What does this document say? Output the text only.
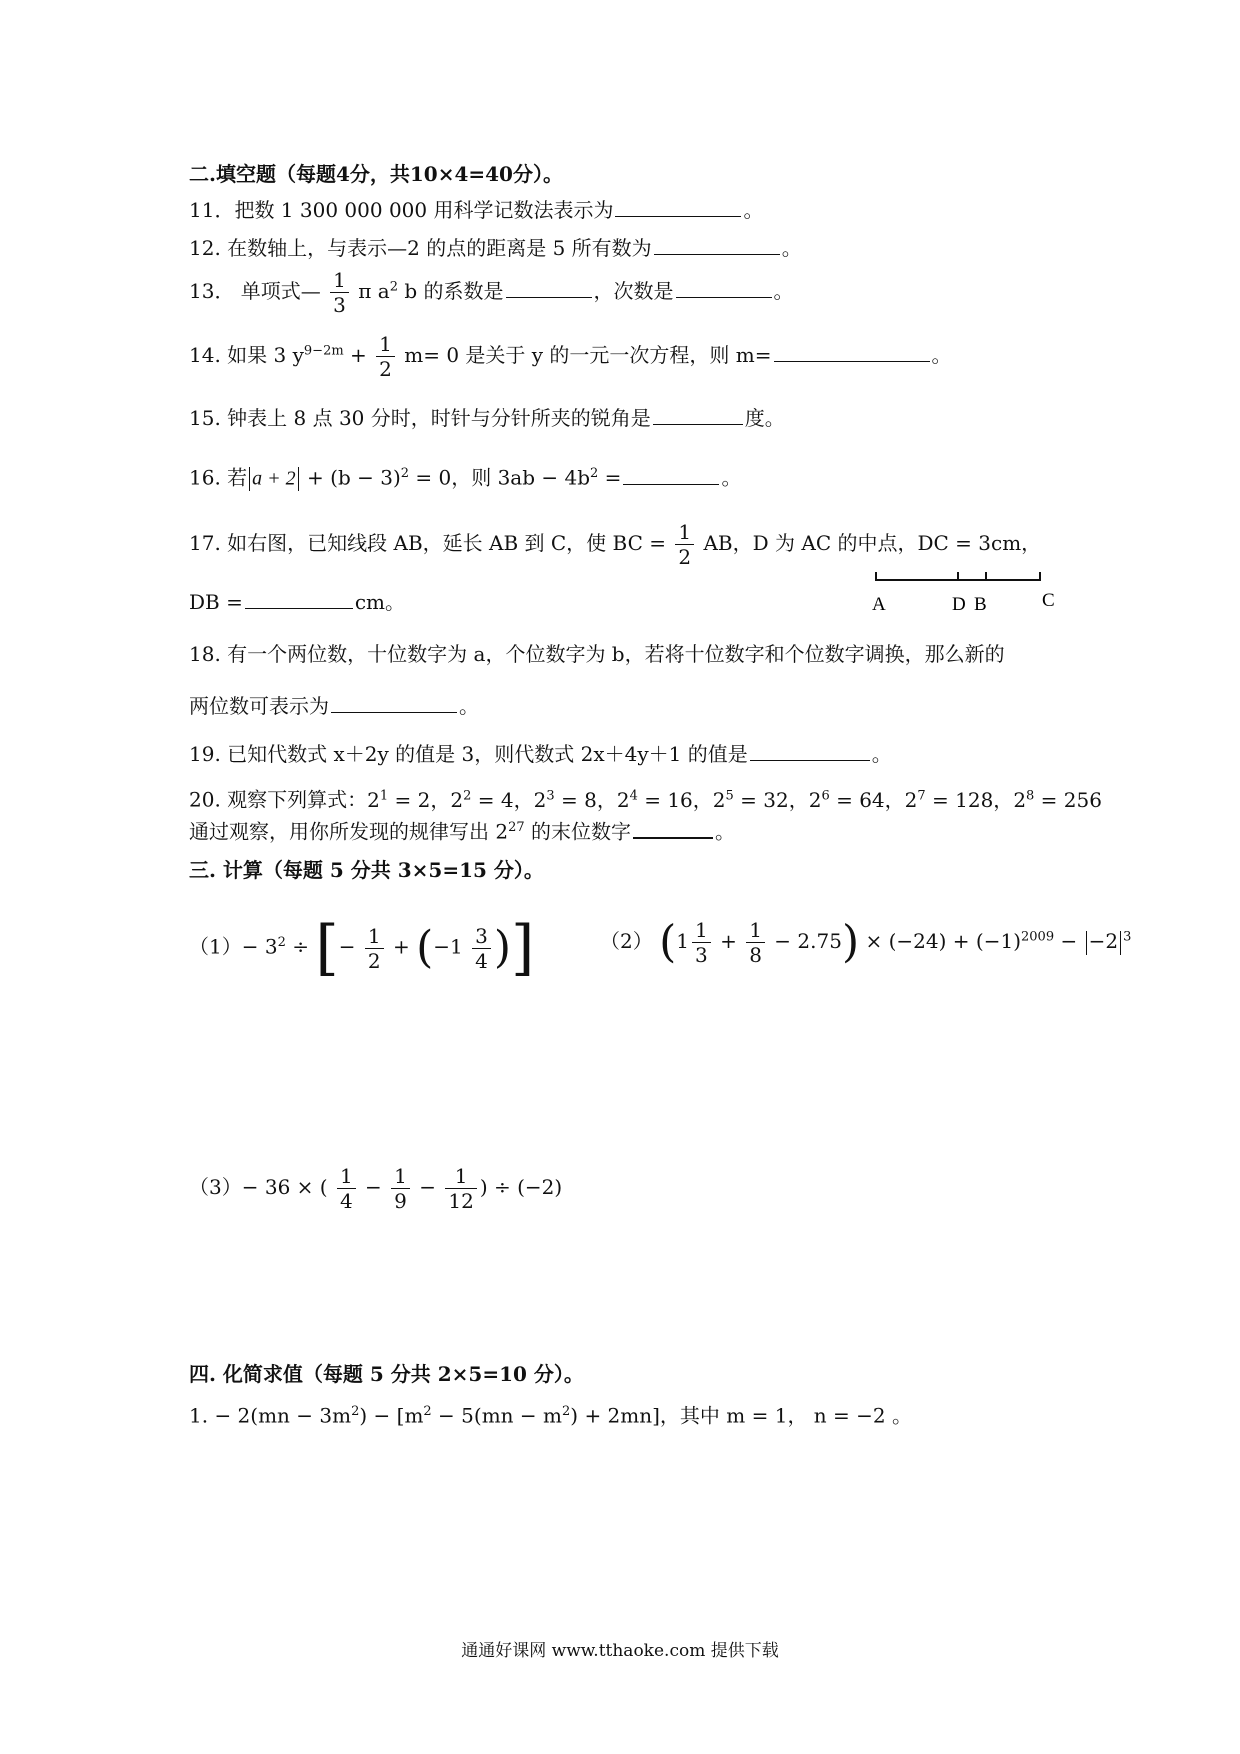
二.填空题（每题4分，共10×4=40分）。
11．把数 1 300 000 000 用科学记数法表示为	。
12. 在数轴上，与表示—2 的点的距离是 5 所有数为	。
13． 单项式— $\frac{1}{3}$ π $a^2$ b 的系数是	，次数是	。
14. 如果 3 $y^{9-2m} + \frac{1}{2} m= 0$ 是关于 y 的一元一次方程，则 m=	。
15. 钟表上 8 点 30 分时，时针与分针所夹的锐角是	度。
16. 若 $a + 2 + (b - 3)^2 = 0$，则 $3ab - 4b^2$ =	。
17. 如右图，已知线段 AB，延长 AB 到 C，使 BC = $\frac{1}{2}$ AB，D 为 AC 的中点，DC = 3cm，
DB =	cm。	A	D B	C
18. 有一个两位数，十位数字为 a，个位数字为 b，若将十位数字和个位数字调换，那么新的
两位数可表示为	。
19. 已知代数式 x＋2y 的值是 3，则代数式 2x＋4y＋1 的值是	。
20. 观察下列算式：$2^1 = 2$，$2^2 = 4$，$2^3 = 8$，$2^4 = 16$，$2^5 = 32$，$2^6 = 64$，$2^7 = 128$，$2^8 = 256$
通过观察，用你所发现的规律写出 $2^{27}$ 的末位数字	。
三. 计算（每题 5 分共 3×5=15 分）。
$(1)- 3^2$ ÷ [− $\frac{1}{2} + (-1 \frac{3}{4}$ )]	（2） $(1 \frac{1}{3} + \frac{1}{8} - 2.75) \times (-24) + (-1)^{2009} - -2$ $^3$
（3）− 36 × ( $\frac{1}{4} - \frac{1}{9} - \frac{1}{12}$ ) ÷ (−2)
四. 化简求值（每题 5 分共 2×5=10 分）。
1. − $2(mn - 3m^2) - [m^2 - 5(mn - m^2) + 2mn]$，其中 m = 1， n = −2 。
通通好课网 www.tthaoke.com 提供下载
